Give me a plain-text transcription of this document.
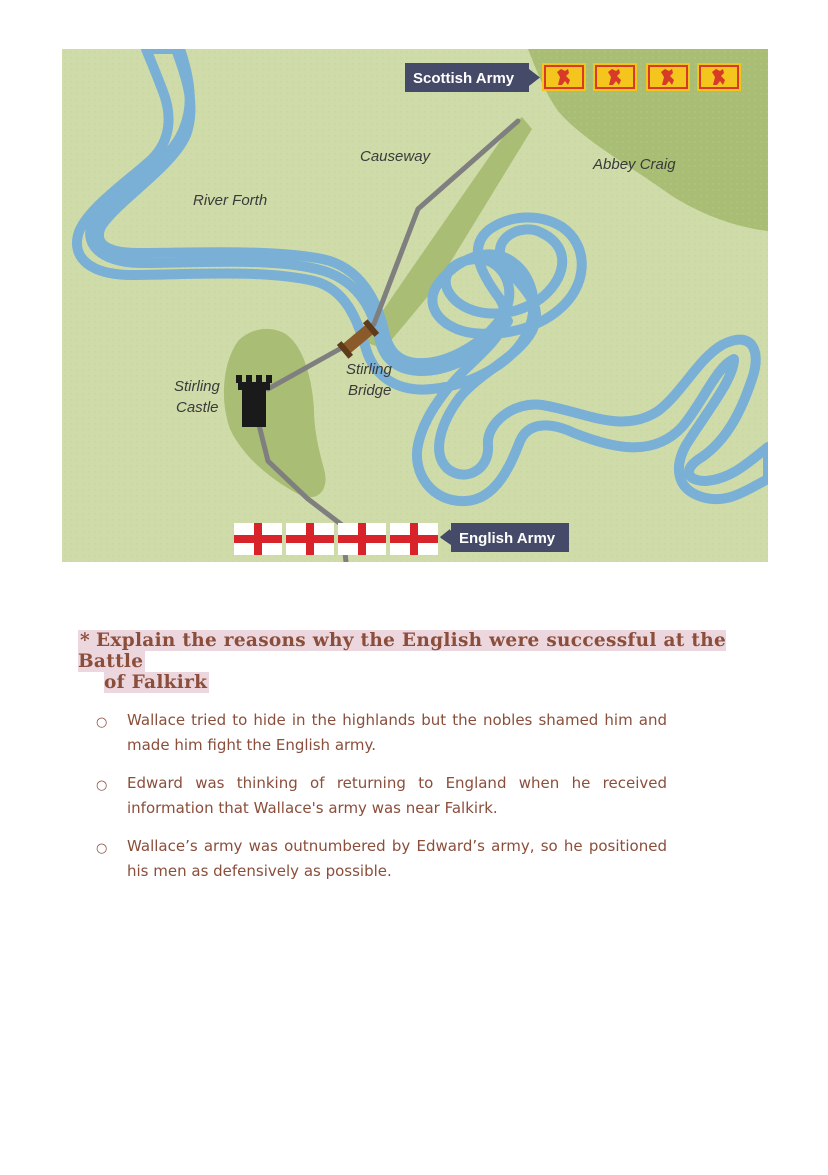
Causeway	Abbey Craig
River Forth
Stirling
Castle
Stirling
Bridge
Scottish Army
English Army
* Explain the reasons why the English were successful at the Battle
of Falkirk
○ Wallace tried to hide in the highlands but the nobles shamed him and made him fight the English army.
○ Edward was thinking of returning to England when he received information that Wallace's army was near Falkirk.
○ Wallace’s army was outnumbered by Edward’s army, so he positioned his men as defensively as possible.
